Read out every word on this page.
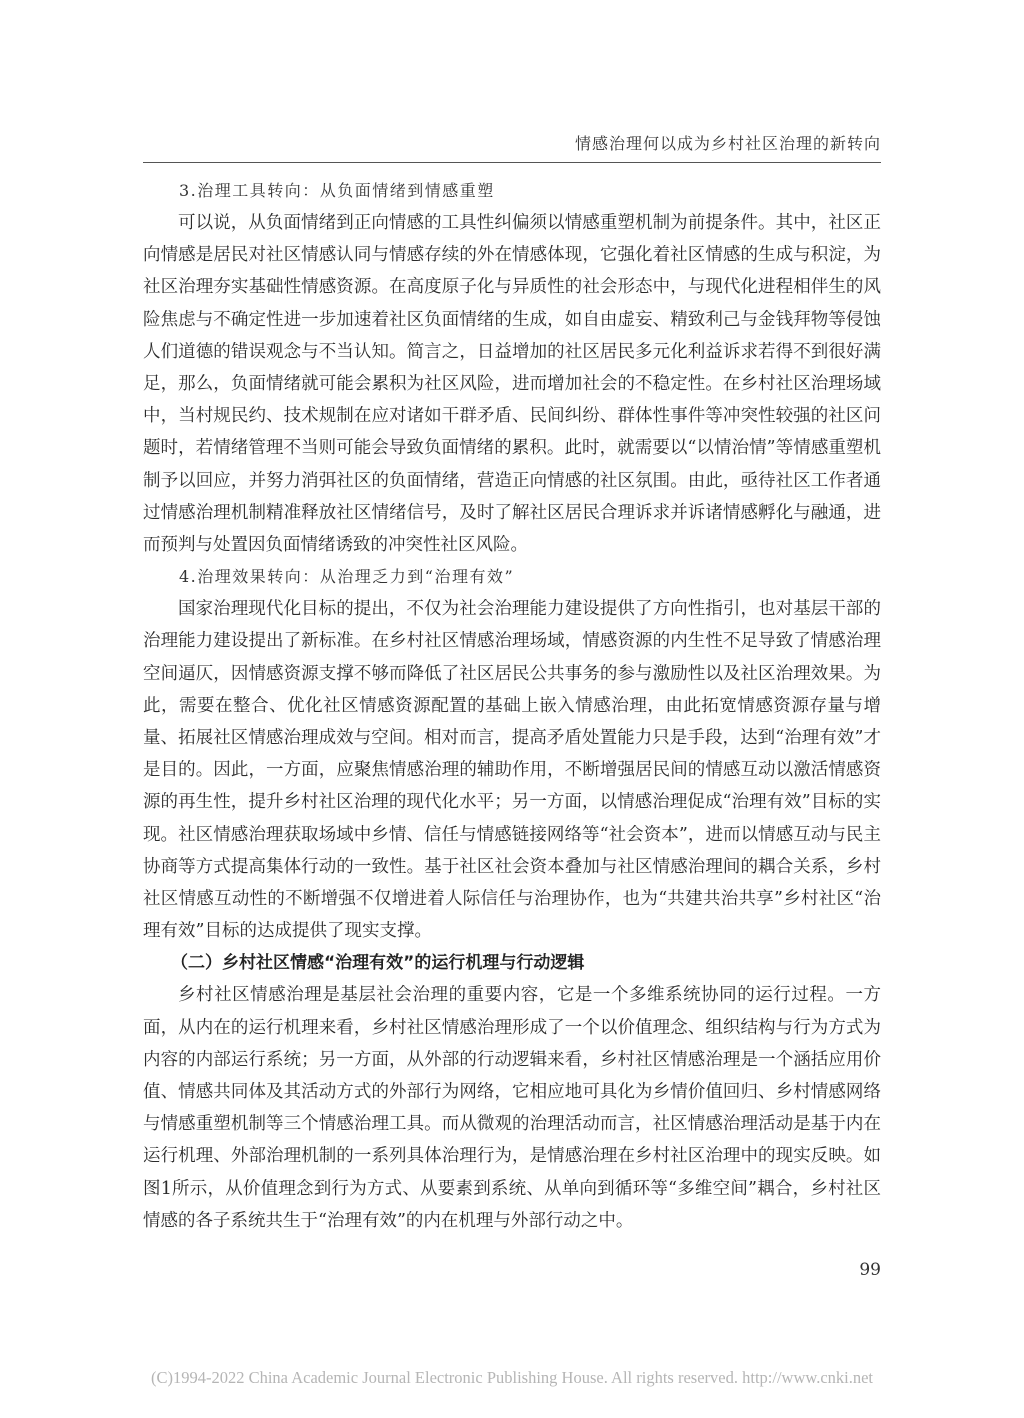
情感治理何以成为乡村社区治理的新转向

3.治理工具转向：从负面情绪到情感重塑

可以说，从负面情绪到正向情感的工具性纠偏须以情感重塑机制为前提条件。其中，社区正向情感是居民对社区情感认同与情感存续的外在情感体现，它强化着社区情感的生成与积淀，为社区治理夯实基础性情感资源。在高度原子化与异质性的社会形态中，与现代化进程相伴生的风险焦虑与不确定性进一步加速着社区负面情绪的生成，如自由虚妄、精致利己与金钱拜物等侵蚀人们道德的错误观念与不当认知。简言之，日益增加的社区居民多元化利益诉求若得不到很好满足，那么，负面情绪就可能会累积为社区风险，进而增加社会的不稳定性。在乡村社区治理场域中，当村规民约、技术规制在应对诸如干群矛盾、民间纠纷、群体性事件等冲突性较强的社区问题时，若情绪管理不当则可能会导致负面情绪的累积。此时，就需要以“以情治情”等情感重塑机制予以回应，并努力消弭社区的负面情绪，营造正向情感的社区氛围。由此，亟待社区工作者通过情感治理机制精准释放社区情绪信号，及时了解社区居民合理诉求并诉诸情感孵化与融通，进而预判与处置因负面情绪诱致的冲突性社区风险。

4.治理效果转向：从治理乏力到“治理有效”

国家治理现代化目标的提出，不仅为社会治理能力建设提供了方向性指引，也对基层干部的治理能力建设提出了新标准。在乡村社区情感治理场域，情感资源的内生性不足导致了情感治理空间逼仄，因情感资源支撑不够而降低了社区居民公共事务的参与激励性以及社区治理效果。为此，需要在整合、优化社区情感资源配置的基础上嵌入情感治理，由此拓宽情感资源存量与增量、拓展社区情感治理成效与空间。相对而言，提高矛盾处置能力只是手段，达到“治理有效”才是目的。因此，一方面，应聚焦情感治理的辅助作用，不断增强居民间的情感互动以激活情感资源的再生性，提升乡村社区治理的现代化水平；另一方面，以情感治理促成“治理有效”目标的实现。社区情感治理获取场域中乡情、信任与情感链接网络等“社会资本”，进而以情感互动与民主协商等方式提高集体行动的一致性。基于社区社会资本叠加与社区情感治理间的耦合关系，乡村社区情感互动性的不断增强不仅增进着人际信任与治理协作，也为“共建共治共享”乡村社区“治理有效”目标的达成提供了现实支撑。

（二）乡村社区情感“治理有效”的运行机理与行动逻辑

乡村社区情感治理是基层社会治理的重要内容，它是一个多维系统协同的运行过程。一方面，从内在的运行机理来看，乡村社区情感治理形成了一个以价值理念、组织结构与行为方式为内容的内部运行系统；另一方面，从外部的行动逻辑来看，乡村社区情感治理是一个涵括应用价值、情感共同体及其活动方式的外部行为网络，它相应地可具化为乡情价值回归、乡村情感网络与情感重塑机制等三个情感治理工具。而从微观的治理活动而言，社区情感治理活动是基于内在运行机理、外部治理机制的一系列具体治理行为，是情感治理在乡村社区治理中的现实反映。如图1所示，从价值理念到行为方式、从要素到系统、从单向到循环等“多维空间”耦合，乡村社区情感的各子系统共生于“治理有效”的内在机理与外部行动之中。

99
(C)1994-2022 China Academic Journal Electronic Publishing House. All rights reserved. http://www.cnki.net
